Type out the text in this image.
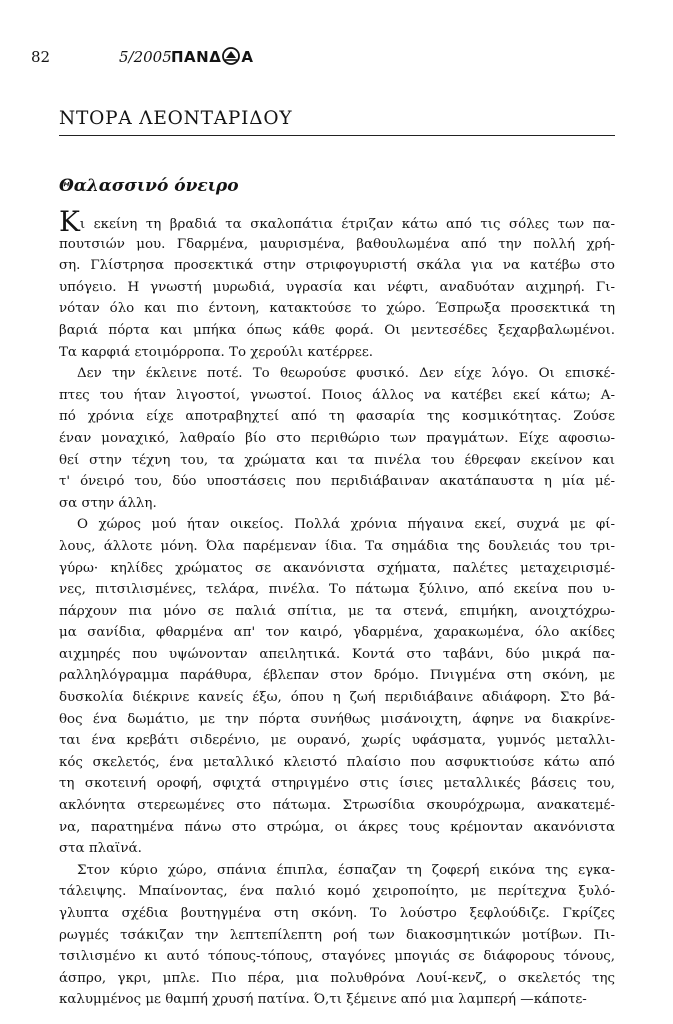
82	5/2005 ΠΑΝΔ Α
ΝΤΟΡΑ ΛΕΟΝΤΑΡΙΔΟΥ
Θαλασσινό όνειρο

Κι εκείνη τη βραδιά τα σκαλοπάτια έτριζαν κάτω από τις σόλες των πα-

πουτσιών μου. Γδαρμένα, μαυρισμένα, βαθουλωμένα από την πολλή χρή-

ση. Γλίστρησα προσεκτικά στην στριφογυριστή σκάλα για να κατέβω στο

υπόγειο. Η γνωστή μυρωδιά, υγρασία και νέφτι, αναδυόταν αιχμηρή. Γι-

νόταν όλο και πιο έντονη, κατακτούσε το χώρο. Έσπρωξα προσεκτικά τη

βαριά πόρτα και μπήκα όπως κάθε φορά. Οι μεντεσέδες ξεχαρβαλωμένοι.

Τα καρφιά ετοιμόρροπα. Το χερούλι κατέρρεε.

Δεν την έκλεινε ποτέ. Το θεωρούσε φυσικό. Δεν είχε λόγο. Οι επισκέ-

πτες του ήταν λιγοστοί, γνωστοί. Ποιος άλλος να κατέβει εκεί κάτω; Α-

πό χρόνια είχε αποτραβηχτεί από τη φασαρία της κοσμικότητας. Ζούσε

έναν μοναχικό, λαθραίο βίο στο περιθώριο των πραγμάτων. Είχε αφοσιω-

θεί στην τέχνη του, τα χρώματα και τα πινέλα του έθρεφαν εκείνον και

τ' όνειρό του, δύο υποστάσεις που περιδιάβαιναν ακατάπαυστα η μία μέ-

σα στην άλλη.

Ο χώρος μού ήταν οικείος. Πολλά χρόνια πήγαινα εκεί, συχνά με φί-

λους, άλλοτε μόνη. Όλα παρέμεναν ίδια. Τα σημάδια της δουλειάς του τρι-

γύρω· κηλίδες χρώματος σε ακανόνιστα σχήματα, παλέτες μεταχειρισμέ-

νες, πιτσιλισμένες, τελάρα, πινέλα. Το πάτωμα ξύλινο, από εκείνα που υ-

πάρχουν πια μόνο σε παλιά σπίτια, με τα στενά, επιμήκη, ανοιχτόχρω-

μα σανίδια, φθαρμένα απ' τον καιρό, γδαρμένα, χαρακωμένα, όλο ακίδες

αιχμηρές που υψώνονταν απειλητικά. Κοντά στο ταβάνι, δύο μικρά πα-

ραλληλόγραμμα παράθυρα, έβλεπαν στον δρόμο. Πνιγμένα στη σκόνη, με

δυσκολία διέκρινε κανείς έξω, όπου η ζωή περιδιάβαινε αδιάφορη. Στο βά-

θος ένα δωμάτιο, με την πόρτα συνήθως μισάνοιχτη, άφηνε να διακρίνε-

ται ένα κρεβάτι σιδερένιο, με ουρανό, χωρίς υφάσματα, γυμνός μεταλλι-

κός σκελετός, ένα μεταλλικό κλειστό πλαίσιο που ασφυκτιούσε κάτω από

τη σκοτεινή οροφή, σφιχτά στηριγμένο στις ίσιες μεταλλικές βάσεις του,

ακλόνητα στερεωμένες στο πάτωμα. Στρωσίδια σκουρόχρωμα, ανακατεμέ-

να, παρατημένα πάνω στο στρώμα, οι άκρες τους κρέμονταν ακανόνιστα

στα πλαϊνά.

Στον κύριο χώρο, σπάνια έπιπλα, έσπαζαν τη ζοφερή εικόνα της εγκα-

τάλειψης. Μπαίνοντας, ένα παλιό κομό χειροποίητο, με περίτεχνα ξυλό-

γλυπτα σχέδια βουτηγμένα στη σκόνη. Το λούστρο ξεφλούδιζε. Γκρίζες

ρωγμές τσάκιζαν την λεπτεπίλεπτη ροή των διακοσμητικών μοτίβων. Πι-

τσιλισμένο κι αυτό τόπους-τόπους, σταγόνες μπογιάς σε διάφορους τόνους,

άσπρο, γκρι, μπλε. Πιο πέρα, μια πολυθρόνα Λουί-κενζ, ο σκελετός της

καλυμμένος με θαμπή χρυσή πατίνα. Ό,τι ξέμεινε από μια λαμπερή —κάποτε-
